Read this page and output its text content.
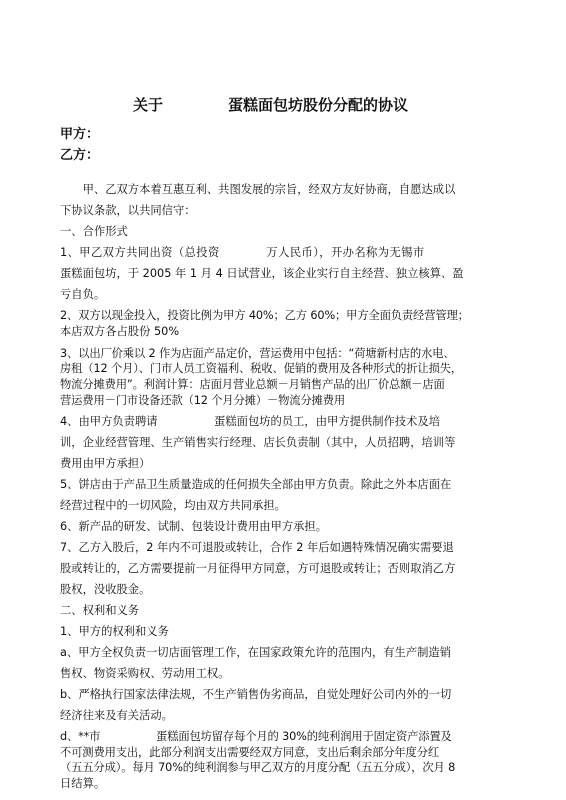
关于	蛋糕面包坊股份分配的协议
甲方：
乙方：
　　甲、乙双方本着互惠互利、共图发展的宗旨，经双方友好协商，自愿达成以
下协议条款，以共同信守：
一、合作形式
1、甲乙双方共同出资（总投资　　　　万人民币），开办名称为无锡市
蛋糕面包坊，于 2005 年 1 月 4 日试营业，该企业实行自主经营、独立核算、盈
亏自负。
2、双方以现金投入，投资比例为甲方 40%；乙方 60%；甲方全面负责经营管理；
本店双方各占股份 50%
3、以出厂价乘以 2 作为店面产品定价，营运费用中包括：“荷塘新村店的水电、
房租（12 个月）、门市人员工资福利、税收、促销的费用及各种形式的折让损失，
物流分摊费用”。利润计算：店面月营业总额－月销售产品的出厂价总额－店面
营运费用－门市设备还款（12 个月分摊）－物流分摊费用
4、由甲方负责聘请　　　　　蛋糕面包坊的员工，由甲方提供制作技术及培
训，企业经营管理、生产销售实行经理、店长负责制（其中，人员招聘，培训等
费用由甲方承担）
5、饼店由于产品卫生质量造成的任何损失全部由甲方负责。除此之外本店面在
经营过程中的一切风险，均由双方共同承担。
6、新产品的研发、试制、包装设计费用由甲方承担。
7、乙方入股后，2 年内不可退股或转让，合作 2 年后如遇特殊情况确实需要退
股或转让的，乙方需要提前一月征得甲方同意，方可退股或转让；否则取消乙方
股权，没收股金。
二、权利和义务
1、甲方的权利和义务
a、甲方全权负责一切店面管理工作，在国家政策允许的范围内，有生产制造销
售权、物资采购权、劳动用工权。
b、严格执行国家法律法规，不生产销售伪劣商品，自觉处理好公司内外的一切
经济往来及有关活动。
d、**市　　　　　蛋糕面包坊留存每个月的 30%的纯利润用于固定资产添置及
不可测费用支出，此部分利润支出需要经双方同意，支出后剩余部分年度分红
（五五分成）。每月 70%的纯利润参与甲乙双方的月度分配（五五分成），次月 8
日结算。
